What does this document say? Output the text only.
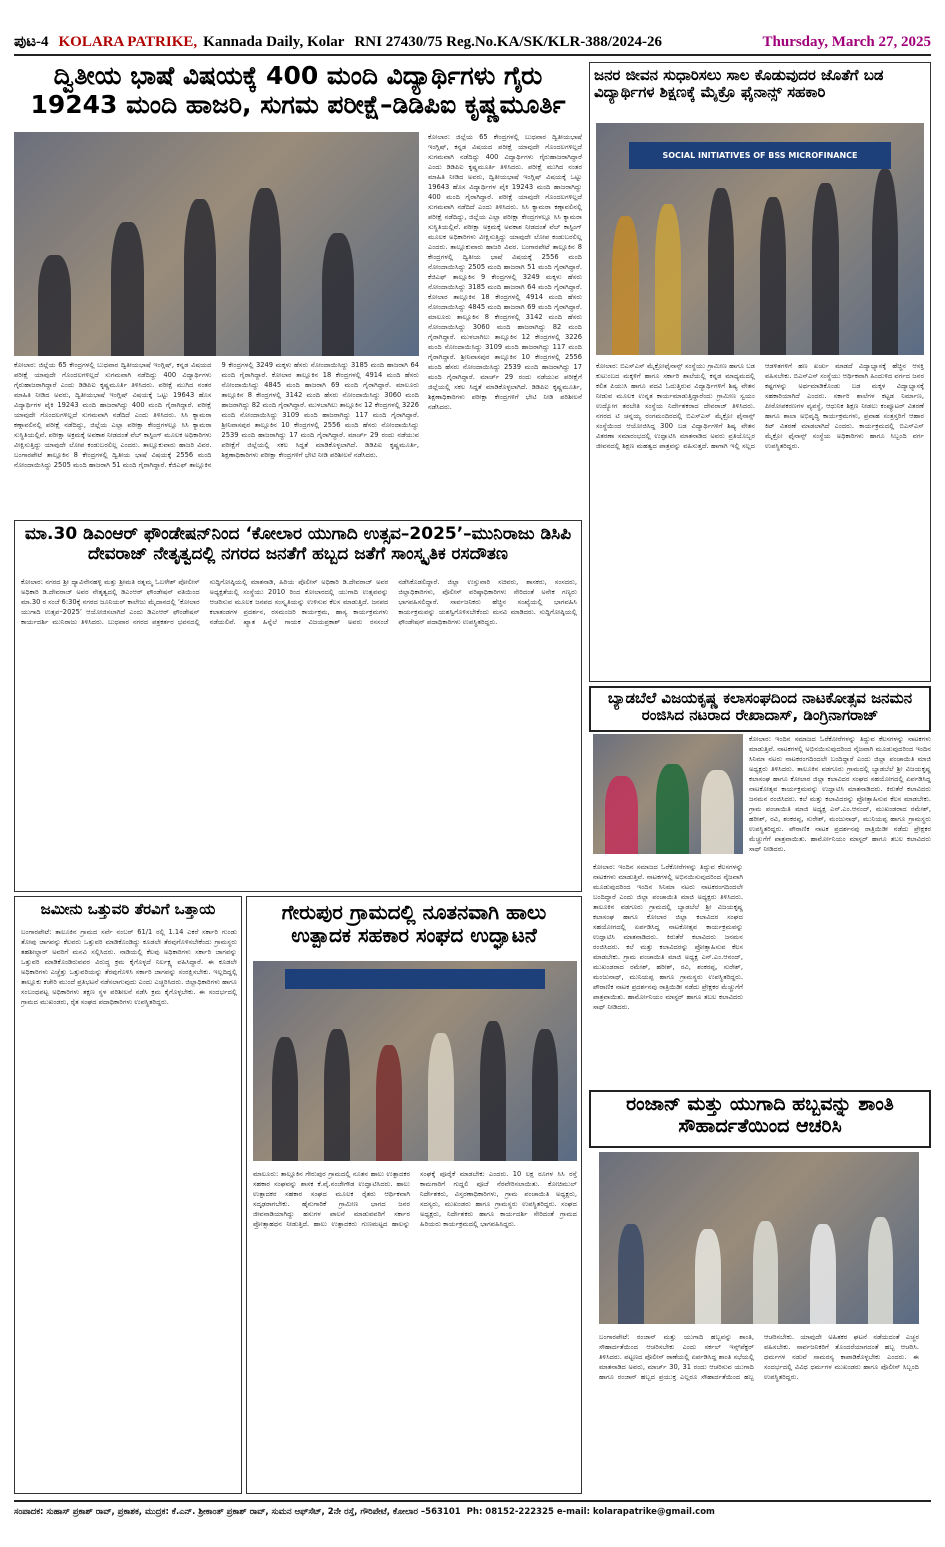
ಪುಟ-4 KOLARA PATRIKE, Kannada Daily, Kolar RNI 27430/75 Reg.No.KA/SK/KLR-388/2024-26	Thursday, March 27, 2025
ದ್ವಿತೀಯ ಭಾಷೆ ವಿಷಯಕ್ಕೆ 400 ಮಂದಿ ವಿದ್ಯಾರ್ಥಿಗಳು ಗೈರು 19243 ಮಂದಿ ಹಾಜರಿ, ಸುಗಮ ಪರೀಕ್ಷೆ–ಡಿಡಿಪಿಐ ಕೃಷ್ಣಮೂರ್ತಿ
ಕೋಲಾರ: ಜಿಲ್ಲೆಯ 65 ಕೇಂದ್ರಗಳಲ್ಲಿ ಬುಧವಾರ ದ್ವಿತೀಯಭಾಷೆ ಇಂಗ್ಲಿಷ್, ಕನ್ನಡ ವಿಷಯದ ಪರೀಕ್ಷೆ ಯಾವುದೇ ಗೊಂದಲಗಳಿಲ್ಲದೆ ಸುಗಮವಾಗಿ ನಡೆದಿದ್ದು 400 ವಿದ್ಯಾರ್ಥಿಗಳು ಗೈರುಹಾಜರಾಗಿದ್ದಾರೆ ಎಂದು ಡಿಡಿಪಿಐ ಕೃಷ್ಣಮೂರ್ತಿ ತಿಳಿಸಿದರು. ಪರೀಕ್ಷೆ ಮುಗಿದ ನಂತರ ಮಾಹಿತಿ ನೀಡಿದ ಅವರು, ದ್ವಿತೀಯಭಾಷೆ ಇಂಗ್ಲಿಷ್ ವಿಷಯಕ್ಕೆ ಒಟ್ಟು 19643 ಹೊಸ ವಿದ್ಯಾರ್ಥಿಗಳ ಪೈಕಿ 19243 ಮಂದಿ ಹಾಜರಾಗಿದ್ದು 400 ಮಂದಿ ಗೈರಾಗಿದ್ದಾರೆ. ಪರೀಕ್ಷೆ ಯಾವುದೇ ಗೊಂದಲಗಳಿಲ್ಲದೆ ಸುಗಮವಾಗಿ ನಡೆದಿದೆ ಎಂದು ತಿಳಿಸಿದರು. ಸಿಸಿ ಕ್ಯಾಮರಾ ಕಣ್ಗಾವಲಿನಲ್ಲಿ ಪರೀಕ್ಷೆ ನಡೆದಿದ್ದು, ಜಿಲ್ಲೆಯ ಎಲ್ಲಾ ಪರೀಕ್ಷಾ ಕೇಂದ್ರಗಳಲ್ಲೂ ಸಿಸಿ ಕ್ಯಾಮರಾ ಸುಸ್ಥಿತಿಯಲ್ಲಿವೆ. ಪರೀಕ್ಷಾ ಅಕ್ರಮಕ್ಕೆ ಅವಕಾಶ ನೀಡದಂತೆ ವೆಬ್ ಕಾಸ್ಟಿಂಗ್ ಮೂಲಕ ಅಧಿಕಾರಿಗಳು ವೀಕ್ಷಿಸುತ್ತಿದ್ದು ಯಾವುದೇ ಲೋಪ ಕಂಡುಬರಲಿಲ್ಲ ಎಂದರು. ತಾಲ್ಲೂಕುವಾರು ಹಾಜರಿ ವಿವರ. ಬಂಗಾರಪೇಟೆ ತಾಲ್ಲೂಕಿನ 8 ಕೇಂದ್ರಗಳಲ್ಲಿ ದ್ವಿತೀಯ ಭಾಷೆ ವಿಷಯಕ್ಕೆ 2556 ಮಂದಿ ನೋಂದಾಯಿಸಿದ್ದು 2505 ಮಂದಿ ಹಾಜರಾಗಿ 51 ಮಂದಿ ಗೈರಾಗಿದ್ದಾರೆ. ಕೆಜಿಎಫ್ ತಾಲ್ಲೂಕಿನ 9 ಕೇಂದ್ರಗಳಲ್ಲಿ 3249 ಮಕ್ಕಳು ಹೆಸರು ನೋಂದಾಯಿಸಿದ್ದು 3185 ಮಂದಿ ಹಾಜರಾಗಿ 64 ಮಂದಿ ಗೈರಾಗಿದ್ದಾರೆ. ಕೋಲಾರ ತಾಲ್ಲೂಕಿನ 18 ಕೇಂದ್ರಗಳಲ್ಲಿ 4914 ಮಂದಿ ಹೆಸರು ನೋಂದಾಯಿಸಿದ್ದು 4845 ಮಂದಿ ಹಾಜರಾಗಿ 69 ಮಂದಿ ಗೈರಾಗಿದ್ದಾರೆ. ಮಾಲೂರು ತಾಲ್ಲೂಕಿನ 8 ಕೇಂದ್ರಗಳಲ್ಲಿ 3142 ಮಂದಿ ಹೆಸರು ನೋಂದಾಯಿಸಿದ್ದು 3060 ಮಂದಿ ಹಾಜರಾಗಿದ್ದು 82 ಮಂದಿ ಗೈರಾಗಿದ್ದಾರೆ. ಮುಳಬಾಗಿಲು ತಾಲ್ಲೂಕಿನ 12 ಕೇಂದ್ರಗಳಲ್ಲಿ 3226 ಮಂದಿ ನೋಂದಾಯಿಸಿದ್ದು 3109 ಮಂದಿ ಹಾಜರಾಗಿದ್ದು 117 ಮಂದಿ ಗೈರಾಗಿದ್ದಾರೆ. ಶ್ರೀನಿವಾಸಪುರ ತಾಲ್ಲೂಕಿನ 10 ಕೇಂದ್ರಗಳಲ್ಲಿ 2556 ಮಂದಿ ಹೆಸರು ನೋಂದಾಯಿಸಿದ್ದು 2539 ಮಂದಿ ಹಾಜರಾಗಿದ್ದು 17 ಮಂದಿ ಗೈರಾಗಿದ್ದಾರೆ. ಮಾರ್ಚ್ 29 ರಂದು ನಡೆಯುವ ಪರೀಕ್ಷೆಗೆ ಜಿಲ್ಲೆಯಲ್ಲಿ ಸಕಲ ಸಿದ್ದತೆ ಮಾಡಿಕೊಳ್ಳಲಾಗಿದೆ. ಡಿಡಿಪಿಐ ಕೃಷ್ಣಮೂರ್ತಿ, ಶಿಕ್ಷಣಾಧಿಕಾರಿಗಳು ಪರೀಕ್ಷಾ ಕೇಂದ್ರಗಳಿಗೆ ಭೇಟಿ ನೀಡಿ ಪರಿಶೀಲನೆ ನಡೆಸಿದರು.
ಕೋಲಾರ: ಜಿಲ್ಲೆಯ 65 ಕೇಂದ್ರಗಳಲ್ಲಿ ಬುಧವಾರ ದ್ವಿತೀಯಭಾಷೆ ಇಂಗ್ಲಿಷ್, ಕನ್ನಡ ವಿಷಯದ ಪರೀಕ್ಷೆ ಯಾವುದೇ ಗೊಂದಲಗಳಿಲ್ಲದೆ ಸುಗಮವಾಗಿ ನಡೆದಿದ್ದು 400 ವಿದ್ಯಾರ್ಥಿಗಳು ಗೈರುಹಾಜರಾಗಿದ್ದಾರೆ ಎಂದು ಡಿಡಿಪಿಐ ಕೃಷ್ಣಮೂರ್ತಿ ತಿಳಿಸಿದರು. ಪರೀಕ್ಷೆ ಮುಗಿದ ನಂತರ ಮಾಹಿತಿ ನೀಡಿದ ಅವರು, ದ್ವಿತೀಯಭಾಷೆ ಇಂಗ್ಲಿಷ್ ವಿಷಯಕ್ಕೆ ಒಟ್ಟು 19643 ಹೊಸ ವಿದ್ಯಾರ್ಥಿಗಳ ಪೈಕಿ 19243 ಮಂದಿ ಹಾಜರಾಗಿದ್ದು 400 ಮಂದಿ ಗೈರಾಗಿದ್ದಾರೆ. ಪರೀಕ್ಷೆ ಯಾವುದೇ ಗೊಂದಲಗಳಿಲ್ಲದೆ ಸುಗಮವಾಗಿ ನಡೆದಿದೆ ಎಂದು ತಿಳಿಸಿದರು. ಸಿಸಿ ಕ್ಯಾಮರಾ ಕಣ್ಗಾವಲಿನಲ್ಲಿ ಪರೀಕ್ಷೆ ನಡೆದಿದ್ದು, ಜಿಲ್ಲೆಯ ಎಲ್ಲಾ ಪರೀಕ್ಷಾ ಕೇಂದ್ರಗಳಲ್ಲೂ ಸಿಸಿ ಕ್ಯಾಮರಾ ಸುಸ್ಥಿತಿಯಲ್ಲಿವೆ. ಪರೀಕ್ಷಾ ಅಕ್ರಮಕ್ಕೆ ಅವಕಾಶ ನೀಡದಂತೆ ವೆಬ್ ಕಾಸ್ಟಿಂಗ್ ಮೂಲಕ ಅಧಿಕಾರಿಗಳು ವೀಕ್ಷಿಸುತ್ತಿದ್ದು ಯಾವುದೇ ಲೋಪ ಕಂಡುಬರಲಿಲ್ಲ ಎಂದರು. ತಾಲ್ಲೂಕುವಾರು ಹಾಜರಿ ವಿವರ. ಬಂಗಾರಪೇಟೆ ತಾಲ್ಲೂಕಿನ 8 ಕೇಂದ್ರಗಳಲ್ಲಿ ದ್ವಿತೀಯ ಭಾಷೆ ವಿಷಯಕ್ಕೆ 2556 ಮಂದಿ ನೋಂದಾಯಿಸಿದ್ದು 2505 ಮಂದಿ ಹಾಜರಾಗಿ 51 ಮಂದಿ ಗೈರಾಗಿದ್ದಾರೆ. ಕೆಜಿಎಫ್ ತಾಲ್ಲೂಕಿನ 9 ಕೇಂದ್ರಗಳಲ್ಲಿ 3249 ಮಕ್ಕಳು ಹೆಸರು ನೋಂದಾಯಿಸಿದ್ದು 3185 ಮಂದಿ ಹಾಜರಾಗಿ 64 ಮಂದಿ ಗೈರಾಗಿದ್ದಾರೆ. ಕೋಲಾರ ತಾಲ್ಲೂಕಿನ 18 ಕೇಂದ್ರಗಳಲ್ಲಿ 4914 ಮಂದಿ ಹೆಸರು ನೋಂದಾಯಿಸಿದ್ದು 4845 ಮಂದಿ ಹಾಜರಾಗಿ 69 ಮಂದಿ ಗೈರಾಗಿದ್ದಾರೆ. ಮಾಲೂರು ತಾಲ್ಲೂಕಿನ 8 ಕೇಂದ್ರಗಳಲ್ಲಿ 3142 ಮಂದಿ ಹೆಸರು ನೋಂದಾಯಿಸಿದ್ದು 3060 ಮಂದಿ ಹಾಜರಾಗಿದ್ದು 82 ಮಂದಿ ಗೈರಾಗಿದ್ದಾರೆ. ಮುಳಬಾಗಿಲು ತಾಲ್ಲೂಕಿನ 12 ಕೇಂದ್ರಗಳಲ್ಲಿ 3226 ಮಂದಿ ನೋಂದಾಯಿಸಿದ್ದು 3109 ಮಂದಿ ಹಾಜರಾಗಿದ್ದು 117 ಮಂದಿ ಗೈರಾಗಿದ್ದಾರೆ. ಶ್ರೀನಿವಾಸಪುರ ತಾಲ್ಲೂಕಿನ 10 ಕೇಂದ್ರಗಳಲ್ಲಿ 2556 ಮಂದಿ ಹೆಸರು ನೋಂದಾಯಿಸಿದ್ದು 2539 ಮಂದಿ ಹಾಜರಾಗಿದ್ದು 17 ಮಂದಿ ಗೈರಾಗಿದ್ದಾರೆ. ಮಾರ್ಚ್ 29 ರಂದು ನಡೆಯುವ ಪರೀಕ್ಷೆಗೆ ಜಿಲ್ಲೆಯಲ್ಲಿ ಸಕಲ ಸಿದ್ದತೆ ಮಾಡಿಕೊಳ್ಳಲಾಗಿದೆ. ಡಿಡಿಪಿಐ ಕೃಷ್ಣಮೂರ್ತಿ, ಶಿಕ್ಷಣಾಧಿಕಾರಿಗಳು ಪರೀಕ್ಷಾ ಕೇಂದ್ರಗಳಿಗೆ ಭೇಟಿ ನೀಡಿ ಪರಿಶೀಲನೆ ನಡೆಸಿದರು.
ಜನರ ಜೀವನ ಸುಧಾರಿಸಲು ಸಾಲ ಕೊಡುವುದರ ಜೊತೆಗೆ ಬಡ ವಿದ್ಯಾರ್ಥಿಗಳ ಶಿಕ್ಷಣಕ್ಕೆ ಮೈಕ್ರೊ ಫೈನಾನ್ಸ್ ಸಹಕಾರಿ
SOCIAL INITIATIVES OF BSS MICROFINANCE
ಕೋಲಾರ: ಬಿಎಸ್ಎಸ್ ಮೈಕ್ರೋಫೈನಾನ್ಸ್ ಸಂಸ್ಥೆಯು ಗ್ರಾಮೀಣ ಹಾಗೂ ಬಡ ಕುಟುಂಬದ ಮಕ್ಕಳಿಗೆ ಹಾಗೂ ಸರ್ಕಾರಿ ಶಾಲೆಯಲ್ಲಿ ಕನ್ನಡ ಮಾಧ್ಯಮದಲ್ಲಿ ಕಲಿತ ಪಿಯುಸಿ ಹಾಗೂ ಪದವಿ ಓದುತ್ತಿರುವ ವಿದ್ಯಾರ್ಥಿಗಳಿಗೆ ಶಿಷ್ಯ ವೇತನ ನೀಡುವ ಮೂಲಕ ಉನ್ನತ ಕಾರ್ಯಮಾಡುತ್ತಿದ್ದಾರೆಂದು ಗ್ರಾಮೀಣ ಸ್ವಯಂ ಉದ್ಯೋಗ ತರಬೇತಿ ಸಂಸ್ಥೆಯ ನಿರ್ದೇಶಕರಾದ ದೇವರಾಜ್ ತಿಳಿಸಿದರು. ನಗರದ ಟಿ ಚನ್ನಯ್ಯ ರಂಗಮಂದಿರದಲ್ಲಿ ಬಿಎಸ್ಎಸ್ ಮೈಕ್ರೋ ಫೈನಾನ್ಸ್ ಸಂಸ್ಥೆಯಿಂದ ಆಯೋಜಿಸಿದ್ದ 300 ಬಡ ವಿದ್ಯಾರ್ಥಿಗಳಿಗೆ ಶಿಷ್ಯ ವೇತನ ವಿತರಣಾ ಸಮಾರಂಭದಲ್ಲಿ ಉದ್ಘಾಟಿಸಿ ಮಾತನಾಡಿದ ಅವರು ಪ್ರತಿಯೊಬ್ಬರ ಜೀವನದಲ್ಲಿ ಶಿಕ್ಷಣ ಮಹತ್ವದ ಪಾತ್ರವನ್ನು ವಹಿಸುತ್ತದೆ. ಹಾಗಾಗಿ ಇಲ್ಲಿ ಸಲ್ಲದ ಆಡಳಿತಗಳಿಗೆ ಹಣ ಖರ್ಚು ಮಾಡದೆ ವಿದ್ಯಾಭ್ಯಾಸಕ್ಕೆ ಹೆಚ್ಚಿನ ಆಸಕ್ತಿ ವಹಿಸಬೇಕು. ಬಿಎಸ್ಎಸ್ ಸಂಸ್ಥೆಯು ಆರ್ಥಿಕವಾಗಿ ಹಿಂದುಳಿದ ವರ್ಗದ ಜನರ ಕಷ್ಟಗಳನ್ನು ಅರ್ಥಮಾಡಿಕೊಂಡು ಬಡ ಮಕ್ಕಳ ವಿದ್ಯಾಭ್ಯಾಸಕ್ಕೆ ಸಹಕಾರಿಯಾಗಿದೆ ಎಂದರು. ಸರ್ಕಾರಿ ಶಾಲೆಗಳ ಕಟ್ಟಡ ನಿರ್ಮಾಣ, ಪೀಠೋಪಕರಣಗಳ ವ್ಯವಸ್ಥೆ, ಆಧುನಿಕ ಶಿಕ್ಷಣ ನೀಡಲು ಕಂಪ್ಯೂಟರ್ ವಿತರಣೆ ಹಾಗೂ ಶಾಲಾ ಅಭಿವೃದ್ಧಿ ಕಾರ್ಯಕ್ರಮಗಳು, ಪ್ರವಾಹ ಸಂತ್ರಸ್ತರಿಗೆ ಆಹಾರ ಕಿಟ್ ವಿತರಣೆ ಮಾಡಲಾಗಿದೆ ಎಂದರು. ಕಾರ್ಯಕ್ರಮದಲ್ಲಿ ಬಿಎಸ್ಎಸ್ ಮೈಕ್ರೋ ಫೈನಾನ್ಸ್ ಸಂಸ್ಥೆಯ ಅಧಿಕಾರಿಗಳು ಹಾಗೂ ಸಿಬ್ಬಂದಿ ವರ್ಗ ಉಪಸ್ಥಿತರಿದ್ದರು.
ಮಾ.30 ಡಿಎಂಆರ್ ಫೌಂಡೇಷನ್‌ನಿಂದ ‘ಕೋಲಾರ ಯುಗಾದಿ ಉತ್ಸವ–2025’–ಮುನಿರಾಜು ಡಿಸಿಪಿ ದೇವರಾಜ್ ನೇತೃತ್ವದಲ್ಲಿ ನಗರದ ಜನತೆಗೆ ಹಬ್ಬದ ಜತೆಗೆ ಸಾಂಸ್ಕೃತಿಕ ರಸದೌತಣ
ಕೋಲಾರ: ನಗರದ ಶ್ರೀ ದ್ಯಾವಿನೇನಹಳ್ಳಿ ಮತ್ತು ಶ್ರೀಮತಿ ರತ್ನಮ್ಮ ಓಬಳೇಶ್ ಪೋಲೀಸ್ ಅಧಿಕಾರಿ ಡಿ.ದೇವರಾಜ್ ಅವರ ನೇತೃತ್ವದಲ್ಲಿ ಡಿಎಂಆರ್ ಫೌಂಡೇಷನ್ ವತಿಯಿಂದ ಮಾ.30 ರ ಸಂಜೆ 6:30ಕ್ಕೆ ನಗರದ ಜೂನಿಯರ್ ಕಾಲೇಜು ಮೈದಾನದಲ್ಲಿ ‘ಕೋಲಾರ ಯುಗಾದಿ ಉತ್ಸವ–2025’ ಆಯೋಜಿಸಲಾಗಿದೆ ಎಂದು ಡಿಎಂಆರ್ ಫೌಂಡೇಷನ್ ಕಾರ್ಯದರ್ಶಿ ಮುನಿರಾಜು ತಿಳಿಸಿದರು. ಬುಧವಾರ ನಗರದ ಪತ್ರಕರ್ತರ ಭವನದಲ್ಲಿ ಸುದ್ದಿಗೋಷ್ಠಿಯಲ್ಲಿ ಮಾತನಾಡಿ, ಹಿರಿಯ ಪೊಲೀಸ್ ಅಧಿಕಾರಿ ಡಿ.ದೇವರಾಜ್ ಅವರ ಅಧ್ಯಕ್ಷತೆಯಲ್ಲಿ ಸಂಸ್ಥೆಯು 2010 ರಿಂದ ಕೋಲಾರದಲ್ಲಿ ಯುಗಾದಿ ಉತ್ಸವವನ್ನು ಆಚರಿಸುವ ಮೂಲಕ ಜನಪದ ಸಂಸ್ಕೃತಿಯನ್ನು ಉಳಿಸುವ ಕೆಲಸ ಮಾಡುತ್ತಿದೆ. ಜನಪದ ಕಲಾತಂಡಗಳ ಪ್ರದರ್ಶನ, ರಸಮಂಜರಿ ಕಾರ್ಯಕ್ರಮ, ಹಾಸ್ಯ ಕಾರ್ಯಕ್ರಮಗಳು ನಡೆಯಲಿವೆ. ಖ್ಯಾತ ಹಿನ್ನೆಲೆ ಗಾಯಕ ವಿಜಯಪ್ರಕಾಶ್ ಅವರು ರಸಸಂಜೆ ನಡೆಸಿಕೊಡಲಿದ್ದಾರೆ. ಜಿಲ್ಲಾ ಉಸ್ತುವಾರಿ ಸಚಿವರು, ಶಾಸಕರು, ಸಂಸದರು, ಜಿಲ್ಲಾಧಿಕಾರಿಗಳು, ಪೊಲೀಸ್ ವರಿಷ್ಠಾಧಿಕಾರಿಗಳು ಸೇರಿದಂತೆ ಅನೇಕ ಗಣ್ಯರು ಭಾಗವಹಿಸಲಿದ್ದಾರೆ. ಸಾರ್ವಜನಿಕರು ಹೆಚ್ಚಿನ ಸಂಖ್ಯೆಯಲ್ಲಿ ಭಾಗವಹಿಸಿ ಕಾರ್ಯಕ್ರಮವನ್ನು ಯಶಸ್ವಿಗೊಳಿಸಬೇಕೆಂದು ಮನವಿ ಮಾಡಿದರು. ಸುದ್ದಿಗೋಷ್ಠಿಯಲ್ಲಿ ಫೌಂಡೇಷನ್ ಪದಾಧಿಕಾರಿಗಳು ಉಪಸ್ಥಿತರಿದ್ದರು.
ಬ್ಯಾಡಬೆಲೆ ವಿಜಯಕೃಷ್ಣ ಕಲಾಸಂಘದಿಂದ ನಾಟಕೋತ್ಸವ ಜನಮನ ರಂಜಿಸಿದ ನಟರಾದ ರೇಖಾದಾಸ್, ಡಿಂಗ್ರಿನಾಗರಾಜ್
ಕೋಲಾರ: ಇಂದಿನ ಸಮಾಜದ ಓರೆಕೋರೆಗಳನ್ನು ತಿದ್ದುವ ಕೆಲಸಗಳನ್ನು ನಾಟಕಗಳು ಮಾಡುತ್ತಿವೆ. ನಾಟಕಗಳಲ್ಲಿ ಅಭಿನಯಿಸುವುದರಿಂದ ನೈಜವಾಗಿ ಮೂಡುವುದರಿಂದ ಇಂದಿನ ಸಿನಿಮಾ ನಟರು ನಾಟಕರಂಗದಿಂದಲೇ ಬಂದಿದ್ದಾರೆ ಎಂದು ಜಿಲ್ಲಾ ಪಂಚಾಯಿತಿ ಮಾಜಿ ಅಧ್ಯಕ್ಷರು ತಿಳಿಸಿದರು. ತಾಲೂಕಿನ ವಡಗೂರು ಗ್ರಾಮದಲ್ಲಿ ಬ್ಯಾಡಬೆಲೆ ಶ್ರೀ ವಿಜಯಕೃಷ್ಣ ಕಲಾಸಂಘ ಹಾಗೂ ಕೋಲಾರ ಜಿಲ್ಲಾ ಕಲಾವಿದರ ಸಂಘದ ಸಹಯೋಗದಲ್ಲಿ ಏರ್ಪಡಿಸಿದ್ದ ನಾಟಕೋತ್ಸವ ಕಾರ್ಯಕ್ರಮವನ್ನು ಉದ್ಘಾಟಿಸಿ ಮಾತನಾಡಿದರು. ಕಿರುತೆರೆ ಕಲಾವಿದರು ಜನಮನ ರಂಜಿಸಿದರು. ಕಲೆ ಮತ್ತು ಕಲಾವಿದರನ್ನು ಪ್ರೋತ್ಸಾಹಿಸುವ ಕೆಲಸ ಮಾಡಬೇಕು. ಗ್ರಾಮ ಪಂಚಾಯಿತಿ ಮಾಜಿ ಅಧ್ಯಕ್ಷ ಎನ್.ಎಂ.ಆನಂದ್, ಮುಖಂಡರಾದ ರಮೇಶ್, ಹರೀಶ್, ರವಿ, ಶಂಕರಪ್ಪ, ಸುರೇಶ್, ಮಂಜುನಾಥ್, ಮುನಿಯಪ್ಪ ಹಾಗೂ ಗ್ರಾಮಸ್ಥರು ಉಪಸ್ಥಿತರಿದ್ದರು. ಪೌರಾಣಿಕ ನಾಟಕ ಪ್ರದರ್ಶನವು ರಾತ್ರಿಯಿಡೀ ನಡೆದು ಪ್ರೇಕ್ಷಕರ ಮೆಚ್ಚುಗೆಗೆ ಪಾತ್ರವಾಯಿತು. ಹಾರ್ಮೋನಿಯಂ ಮಾಸ್ಟರ್ ಹಾಗೂ ತಬಲ ಕಲಾವಿದರು ಸಾಥ್ ನೀಡಿದರು.
ಕೋಲಾರ: ಇಂದಿನ ಸಮಾಜದ ಓರೆಕೋರೆಗಳನ್ನು ತಿದ್ದುವ ಕೆಲಸಗಳನ್ನು ನಾಟಕಗಳು ಮಾಡುತ್ತಿವೆ. ನಾಟಕಗಳಲ್ಲಿ ಅಭಿನಯಿಸುವುದರಿಂದ ನೈಜವಾಗಿ ಮೂಡುವುದರಿಂದ ಇಂದಿನ ಸಿನಿಮಾ ನಟರು ನಾಟಕರಂಗದಿಂದಲೇ ಬಂದಿದ್ದಾರೆ ಎಂದು ಜಿಲ್ಲಾ ಪಂಚಾಯಿತಿ ಮಾಜಿ ಅಧ್ಯಕ್ಷರು ತಿಳಿಸಿದರು. ತಾಲೂಕಿನ ವಡಗೂರು ಗ್ರಾಮದಲ್ಲಿ ಬ್ಯಾಡಬೆಲೆ ಶ್ರೀ ವಿಜಯಕೃಷ್ಣ ಕಲಾಸಂಘ ಹಾಗೂ ಕೋಲಾರ ಜಿಲ್ಲಾ ಕಲಾವಿದರ ಸಂಘದ ಸಹಯೋಗದಲ್ಲಿ ಏರ್ಪಡಿಸಿದ್ದ ನಾಟಕೋತ್ಸವ ಕಾರ್ಯಕ್ರಮವನ್ನು ಉದ್ಘಾಟಿಸಿ ಮಾತನಾಡಿದರು. ಕಿರುತೆರೆ ಕಲಾವಿದರು ಜನಮನ ರಂಜಿಸಿದರು. ಕಲೆ ಮತ್ತು ಕಲಾವಿದರನ್ನು ಪ್ರೋತ್ಸಾಹಿಸುವ ಕೆಲಸ ಮಾಡಬೇಕು. ಗ್ರಾಮ ಪಂಚಾಯಿತಿ ಮಾಜಿ ಅಧ್ಯಕ್ಷ ಎನ್.ಎಂ.ಆನಂದ್, ಮುಖಂಡರಾದ ರಮೇಶ್, ಹರೀಶ್, ರವಿ, ಶಂಕರಪ್ಪ, ಸುರೇಶ್, ಮಂಜುನಾಥ್, ಮುನಿಯಪ್ಪ ಹಾಗೂ ಗ್ರಾಮಸ್ಥರು ಉಪಸ್ಥಿತರಿದ್ದರು. ಪೌರಾಣಿಕ ನಾಟಕ ಪ್ರದರ್ಶನವು ರಾತ್ರಿಯಿಡೀ ನಡೆದು ಪ್ರೇಕ್ಷಕರ ಮೆಚ್ಚುಗೆಗೆ ಪಾತ್ರವಾಯಿತು. ಹಾರ್ಮೋನಿಯಂ ಮಾಸ್ಟರ್ ಹಾಗೂ ತಬಲ ಕಲಾವಿದರು ಸಾಥ್ ನೀಡಿದರು.
ಜಮೀನು ಒತ್ತುವರಿ ತೆರವಿಗೆ ಒತ್ತಾಯ
ಬಂಗಾರಪೇಟೆ: ತಾಲೂಕಿನ ಗ್ರಾಮದ ಸರ್ವೆ ನಂಬರ್ 61/1 ರಲ್ಲಿ 1.14 ಎಕರೆ ಸರ್ಕಾರಿ ಗುಂಡು ತೋಪು ಜಾಗವನ್ನು ಕೆಲವರು ಒತ್ತುವರಿ ಮಾಡಿಕೊಂಡಿದ್ದು ಕೂಡಲೇ ತೆರವುಗೊಳಿಸಬೇಕೆಂದು ಗ್ರಾಮಸ್ಥರು ತಹಶೀಲ್ದಾರ್ ಅವರಿಗೆ ಮನವಿ ಸಲ್ಲಿಸಿದರು. ನಾಡಿಯಲ್ಲಿ ಕೆಲವು ಅಧಿಕಾರಿಗಳು ಸರ್ಕಾರಿ ಜಾಗವನ್ನು ಒತ್ತುವರಿ ಮಾಡಿಕೊಂಡಿರುವವರ ವಿರುದ್ಧ ಕ್ರಮ ಕೈಗೊಳ್ಳದೆ ನಿರ್ಲಕ್ಷ್ಯ ವಹಿಸಿದ್ದಾರೆ. ಈ ಕೂಡಲೇ ಅಧಿಕಾರಿಗಳು ಎಚ್ಚೆತ್ತು ಒತ್ತುವರಿಯನ್ನು ತೆರವುಗೊಳಿಸಿ ಸರ್ಕಾರಿ ಜಾಗವನ್ನು ಸಂರಕ್ಷಿಸಬೇಕು. ಇಲ್ಲದಿದ್ದಲ್ಲಿ ತಾಲ್ಲೂಕು ಕಚೇರಿ ಮುಂದೆ ಪ್ರತಿಭಟನೆ ನಡೆಸಲಾಗುವುದು ಎಂದು ಎಚ್ಚರಿಸಿದರು. ಜಿಲ್ಲಾಧಿಕಾರಿಗಳು ಹಾಗೂ ಸಂಬಂಧಪಟ್ಟ ಅಧಿಕಾರಿಗಳು ತಕ್ಷಣ ಸ್ಥಳ ಪರಿಶೀಲನೆ ನಡೆಸಿ ಕ್ರಮ ಕೈಗೊಳ್ಳಬೇಕು. ಈ ಸಂದರ್ಭದಲ್ಲಿ ಗ್ರಾಮದ ಮುಖಂಡರು, ರೈತ ಸಂಘದ ಪದಾಧಿಕಾರಿಗಳು ಉಪಸ್ಥಿತರಿದ್ದರು.
ಗೇರುಪುರ ಗ್ರಾಮದಲ್ಲಿ ನೂತನವಾಗಿ ಹಾಲು ಉತ್ಪಾದಕ ಸಹಕಾರ ಸಂಘದ ಉದ್ಘಾಟನೆ
ಮಾಲೂರು: ತಾಲ್ಲೂಕಿನ ಗೇರುಪುರ ಗ್ರಾಮದಲ್ಲಿ ನೂತನ ಹಾಲು ಉತ್ಪಾದಕರ ಸಹಕಾರ ಸಂಘವನ್ನು ಶಾಸಕ ಕೆ.ವೈ.ನಂಜೇಗೌಡ ಉದ್ಘಾಟಿಸಿದರು. ಹಾಲು ಉತ್ಪಾದಕರ ಸಹಕಾರ ಸಂಘದ ಮೂಲಕ ರೈತರು ಆರ್ಥಿಕವಾಗಿ ಸದೃಢರಾಗಬೇಕು. ಹೈನುಗಾರಿಕೆ ಗ್ರಾಮೀಣ ಭಾಗದ ಜನರ ಜೀವನಾಡಿಯಾಗಿದ್ದು ಹಸುಗಳ ಪಾಲನೆ ಮಾಡುವವರಿಗೆ ಸರ್ಕಾರ ಪ್ರೋತ್ಸಾಹಧನ ನೀಡುತ್ತಿದೆ. ಹಾಲು ಉತ್ಪಾದಕರು ಗುಣಮಟ್ಟದ ಹಾಲನ್ನು ಸಂಘಕ್ಕೆ ಪೂರೈಕೆ ಮಾಡಬೇಕು ಎಂದರು. 10 ಲಕ್ಷ ರೂಗಳ ಸಿಸಿ ರಸ್ತೆ ಕಾಮಗಾರಿಗೆ ಗುದ್ದಲಿ ಪೂಜೆ ನೆರವೇರಿಸಲಾಯಿತು. ಕೋಚಿಮುಲ್ ನಿರ್ದೇಶಕರು, ವಿಸ್ತರಣಾಧಿಕಾರಿಗಳು, ಗ್ರಾಮ ಪಂಚಾಯಿತಿ ಅಧ್ಯಕ್ಷರು, ಸದಸ್ಯರು, ಮುಖಂಡರು ಹಾಗೂ ಗ್ರಾಮಸ್ಥರು ಉಪಸ್ಥಿತರಿದ್ದರು. ಸಂಘದ ಅಧ್ಯಕ್ಷರು, ನಿರ್ದೇಶಕರು ಹಾಗೂ ಕಾರ್ಯದರ್ಶಿ ಸೇರಿದಂತೆ ಗ್ರಾಮದ ಹಿರಿಯರು ಕಾರ್ಯಕ್ರಮದಲ್ಲಿ ಭಾಗವಹಿಸಿದ್ದರು.
ರಂಜಾನ್ ಮತ್ತು ಯುಗಾದಿ ಹಬ್ಬವನ್ನು ಶಾಂತಿ ಸೌಹಾರ್ದತೆಯಿಂದ ಆಚರಿಸಿ
ಬಂಗಾರಪೇಟೆ: ರಂಜಾನ್ ಮತ್ತು ಯುಗಾದಿ ಹಬ್ಬವನ್ನು ಶಾಂತಿ, ಸೌಹಾರ್ದತೆಯಿಂದ ಆಚರಿಸಬೇಕು ಎಂದು ಸರ್ಕಲ್ ಇನ್ಸ್‌ಪೆಕ್ಟರ್ ತಿಳಿಸಿದರು. ಪಟ್ಟಣದ ಪೊಲೀಸ್ ಠಾಣೆಯಲ್ಲಿ ಏರ್ಪಡಿಸಿದ್ದ ಶಾಂತಿ ಸಭೆಯಲ್ಲಿ ಮಾತನಾಡಿದ ಅವರು, ಮಾರ್ಚ್ 30, 31 ರಂದು ಆಚರಿಸುವ ಯುಗಾದಿ ಹಾಗೂ ರಂಜಾನ್ ಹಬ್ಬದ ಪ್ರಯುಕ್ತ ಎಲ್ಲರೂ ಸೌಹಾರ್ದತೆಯಿಂದ ಹಬ್ಬ ಆಚರಿಸಬೇಕು. ಯಾವುದೇ ಅಹಿತಕರ ಘಟನೆ ನಡೆಯದಂತೆ ಎಚ್ಚರ ವಹಿಸಬೇಕು. ಸಾರ್ವಜನಿಕರಿಗೆ ತೊಂದರೆಯಾಗದಂತೆ ಹಬ್ಬ ಆಚರಿಸಿ. ಧರ್ಮಗಳ ನಡುವೆ ಸಾಮರಸ್ಯ ಕಾಪಾಡಿಕೊಳ್ಳಬೇಕು ಎಂದರು. ಈ ಸಂದರ್ಭದಲ್ಲಿ ವಿವಿಧ ಧರ್ಮಗಳ ಮುಖಂಡರು ಹಾಗೂ ಪೊಲೀಸ್ ಸಿಬ್ಬಂದಿ ಉಪಸ್ಥಿತರಿದ್ದರು.
ಸಂಪಾದಕ: ಸುಹಾಸ್ ಪ್ರಕಾಶ್ ರಾವ್, ಪ್ರಕಾಶಕ, ಮುದ್ರಕ: ಕೆ.ಎನ್. ಶ್ರೀಕಾಂತ್ ಪ್ರಕಾಶ್ ರಾವ್, ಸುಮನ ಆಫ್‌ಸೆಟ್, 2ನೇ ರಸ್ತೆ, ಗೌರಿಪೇಟೆ, ಕೋಲಾರ –563101 Ph: 08152-222325 e-mail: kolarapatrike@gmail.com
